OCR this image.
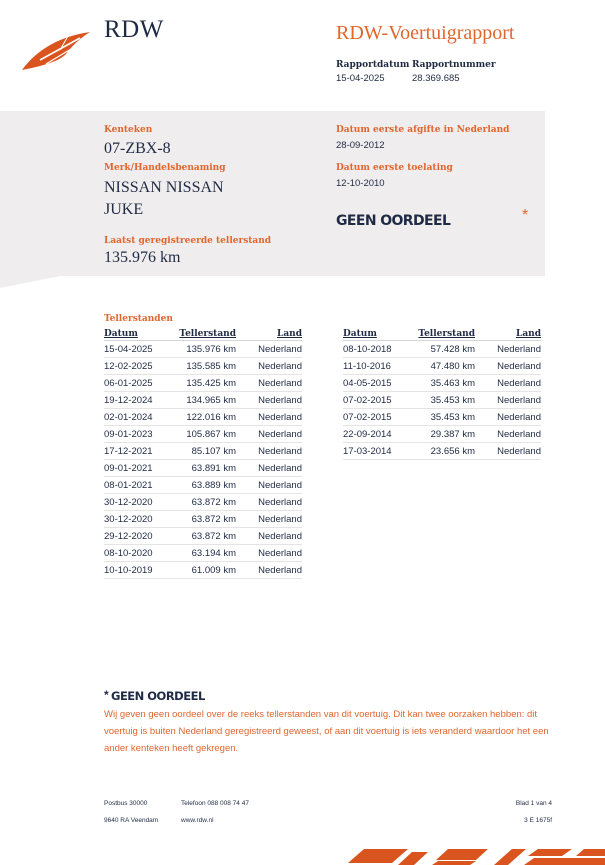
RDW	RDW-Voertuigrapport
Rapportdatum
15-04-2025
Rapportnummer
28.369.685
Kenteken
07-ZBX-8
Merk/Handelsbenaming
NISSAN NISSAN
JUKE
Laatst geregistreerde tellerstand
135.976 km
Datum eerste afgifte in Nederland
28-09-2012
Datum eerste toelating
12-10-2010
GEEN OORDEEL	*
Tellerstanden
Datum	Tellerstand	Land
15-04-2025	135.976 km	Nederland
12-02-2025	135.585 km	Nederland
06-01-2025	135.425 km	Nederland
19-12-2024	134.965 km	Nederland
02-01-2024	122.016 km	Nederland
09-01-2023	105.867 km	Nederland
17-12-2021	85.107 km	Nederland
09-01-2021	63.891 km	Nederland
08-01-2021	63.889 km	Nederland
30-12-2020	63.872 km	Nederland
30-12-2020	63.872 km	Nederland
29-12-2020	63.872 km	Nederland
08-10-2020	63.194 km	Nederland
10-10-2019	61.009 km	Nederland
Datum	Tellerstand	Land
08-10-2018	57.428 km	Nederland
11-10-2016	47.480 km	Nederland
04-05-2015	35.463 km	Nederland
07-02-2015	35.453 km	Nederland
07-02-2015	35.453 km	Nederland
22-09-2014	29.387 km	Nederland
17-03-2014	23.656 km	Nederland
* GEEN OORDEEL
Wij geven geen oordeel over de reeks tellerstanden van dit voertuig. Dit kan twee oorzaken hebben: dit voertuig is buiten Nederland geregistreerd geweest, of aan dit voertuig is iets veranderd waardoor het een ander kenteken heeft gekregen.
Postbus 30000
9640 RA Veendam
Telefoon 088 008 74 47
www.rdw.nl
Blad 1 van 4
3 E 1675f
